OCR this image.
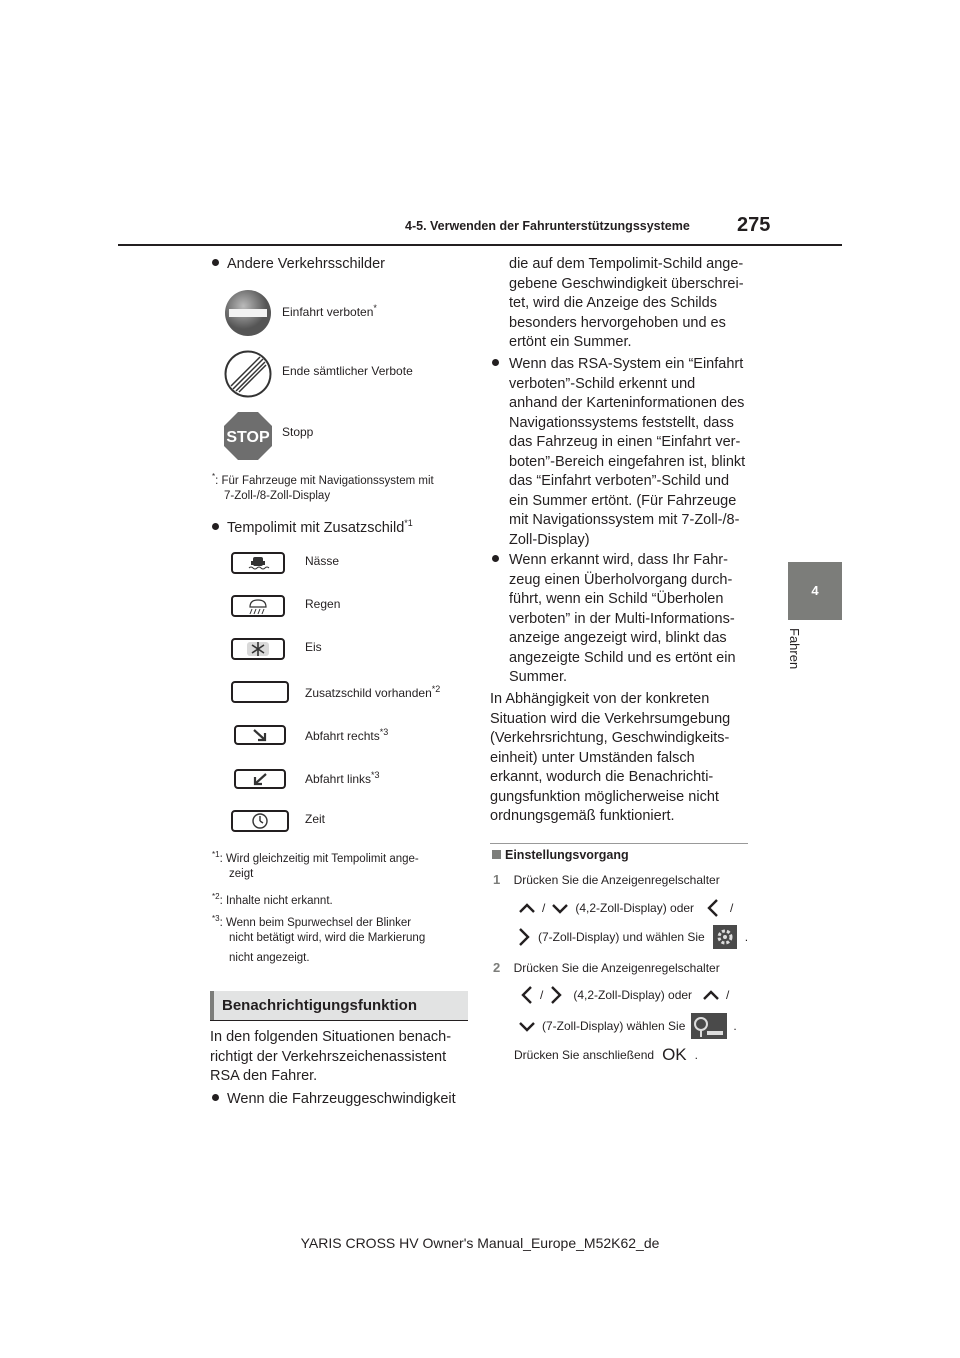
4-5. Verwenden der Fahrunterstützungssysteme 275
4
Fahren
Andere Verkehrsschilder
Einfahrt verboten*
Ende sämtlicher Verbote
STOP Stopp
*: Für Fahrzeuge mit Navigationssystem mit
7-Zoll-/8-Zoll-Display
Tempolimit mit Zusatzschild$^{*1}$
Nässe
Regen
Eis
Zusatzschild vorhanden$^{*2}$
Abfahrt rechts$^{*3}$
Abfahrt links$^{*3}$
Zeit
$^{*1}$: Wird gleichzeitig mit Tempolimit ange-
zeigt
$^{*2}$: Inhalte nicht erkannt.
$^{*3}$: Wenn beim Spurwechsel der Blinker
nicht betätigt wird, wird die Markierung
nicht angezeigt.
Benachrichtigungsfunktion
In den folgenden Situationen benach-
richtigt der Verkehrszeichenassistent
RSA den Fahrer.
Wenn die Fahrzeuggeschwindigkeit
die auf dem Tempolimit-Schild ange-
gebene Geschwindigkeit überschrei-
tet, wird die Anzeige des Schilds
besonders hervorgehoben und es
ertönt ein Summer.
Wenn das RSA-System ein “Einfahrt
verboten”-Schild erkennt und
anhand der Karteninformationen des
Navigationssystems feststellt, dass
das Fahrzeug in einen “Einfahrt ver-
boten”-Bereich eingefahren ist, blinkt
das “Einfahrt verboten”-Schild und
ein Summer ertönt. (Für Fahrzeuge
mit Navigationssystem mit 7-Zoll-/8-
Zoll-Display)
Wenn erkannt wird, dass Ihr Fahr-
zeug einen Überholvorgang durch-
führt, wenn ein Schild “Überholen
verboten” in der Multi-Informations-
anzeige angezeigt wird, blinkt das
angezeigte Schild und es ertönt ein
Summer.
In Abhängigkeit von der konkreten
Situation wird die Verkehrsumgebung
(Verkehrsrichtung, Geschwindigkeits-
einheit) unter Umständen falsch
erkannt, wodurch die Benachrichti-
gungsfunktion möglicherweise nicht
ordnungsgemäß funktioniert.
Einstellungsvorgang
1 Drücken Sie die Anzeigenregelschalter
/	(4,2-Zoll-Display) oder	/
(7-Zoll-Display) und wählen Sie	.
2 Drücken Sie die Anzeigenregelschalter
/	(4,2-Zoll-Display) oder	/
(7-Zoll-Display) wählen Sie	.
Drücken Sie anschließend OK .
YARIS CROSS HV Owner's Manual_Europe_M52K62_de
